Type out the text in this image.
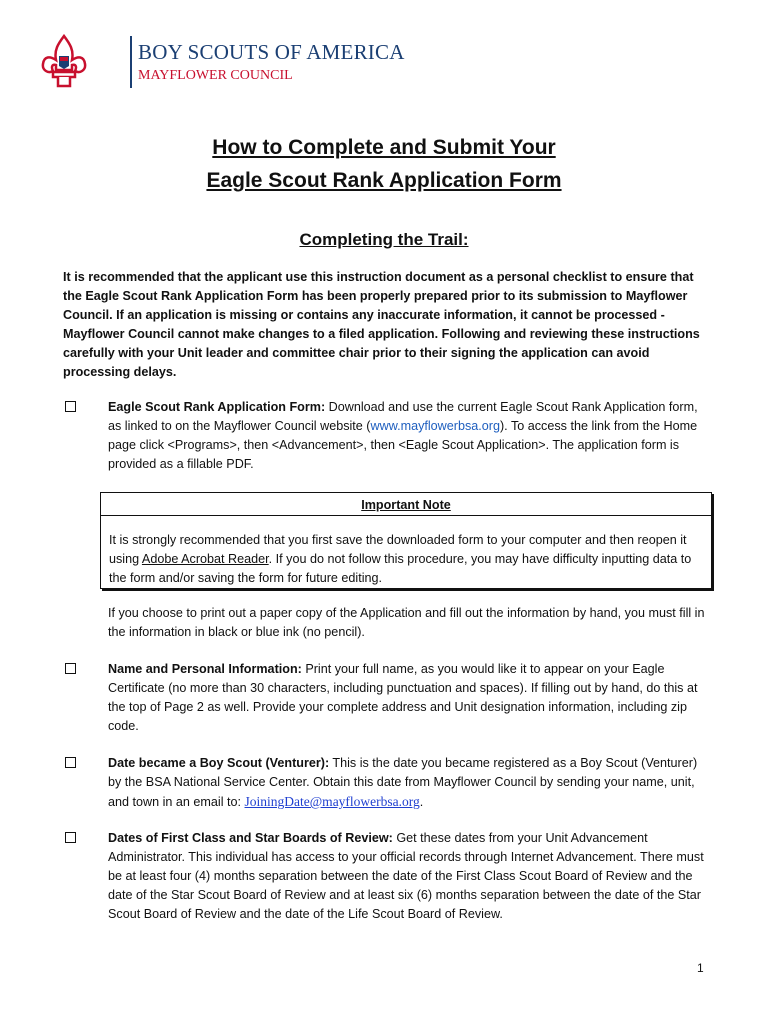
BOY SCOUTS OF AMERICA
MAYFLOWER COUNCIL
How to Complete and Submit Your
Eagle Scout Rank Application Form
Completing the Trail:
It is recommended that the applicant use this instruction document as a personal checklist to ensure that the Eagle Scout Rank Application Form has been properly prepared prior to its submission to Mayflower Council. If an application is missing or contains any inaccurate information, it cannot be processed - Mayflower Council cannot make changes to a filed application. Following and reviewing these instructions carefully with your Unit leader and committee chair prior to their signing the application can avoid processing delays.
Eagle Scout Rank Application Form: Download and use the current Eagle Scout Rank Application form, as linked to on the Mayflower Council website (www.mayflowerbsa.org). To access the link from the Home page click <Programs>, then <Advancement>, then <Eagle Scout Application>. The application form is provided as a fillable PDF.
Important Note
It is strongly recommended that you first save the downloaded form to your computer and then reopen it using Adobe Acrobat Reader. If you do not follow this procedure, you may have difficulty inputting data to the form and/or saving the form for future editing.
If you choose to print out a paper copy of the Application and fill out the information by hand, you must fill in the information in black or blue ink (no pencil).
Name and Personal Information: Print your full name, as you would like it to appear on your Eagle Certificate (no more than 30 characters, including punctuation and spaces). If filling out by hand, do this at the top of Page 2 as well. Provide your complete address and Unit designation information, including zip code.
Date became a Boy Scout (Venturer): This is the date you became registered as a Boy Scout (Venturer) by the BSA National Service Center. Obtain this date from Mayflower Council by sending your name, unit, and town in an email to: JoiningDate@mayflowerbsa.org.
Dates of First Class and Star Boards of Review: Get these dates from your Unit Advancement Administrator. This individual has access to your official records through Internet Advancement. There must be at least four (4) months separation between the date of the First Class Scout Board of Review and the date of the Star Scout Board of Review and at least six (6) months separation between the date of the Star Scout Board of Review and the date of the Life Scout Board of Review.
1
